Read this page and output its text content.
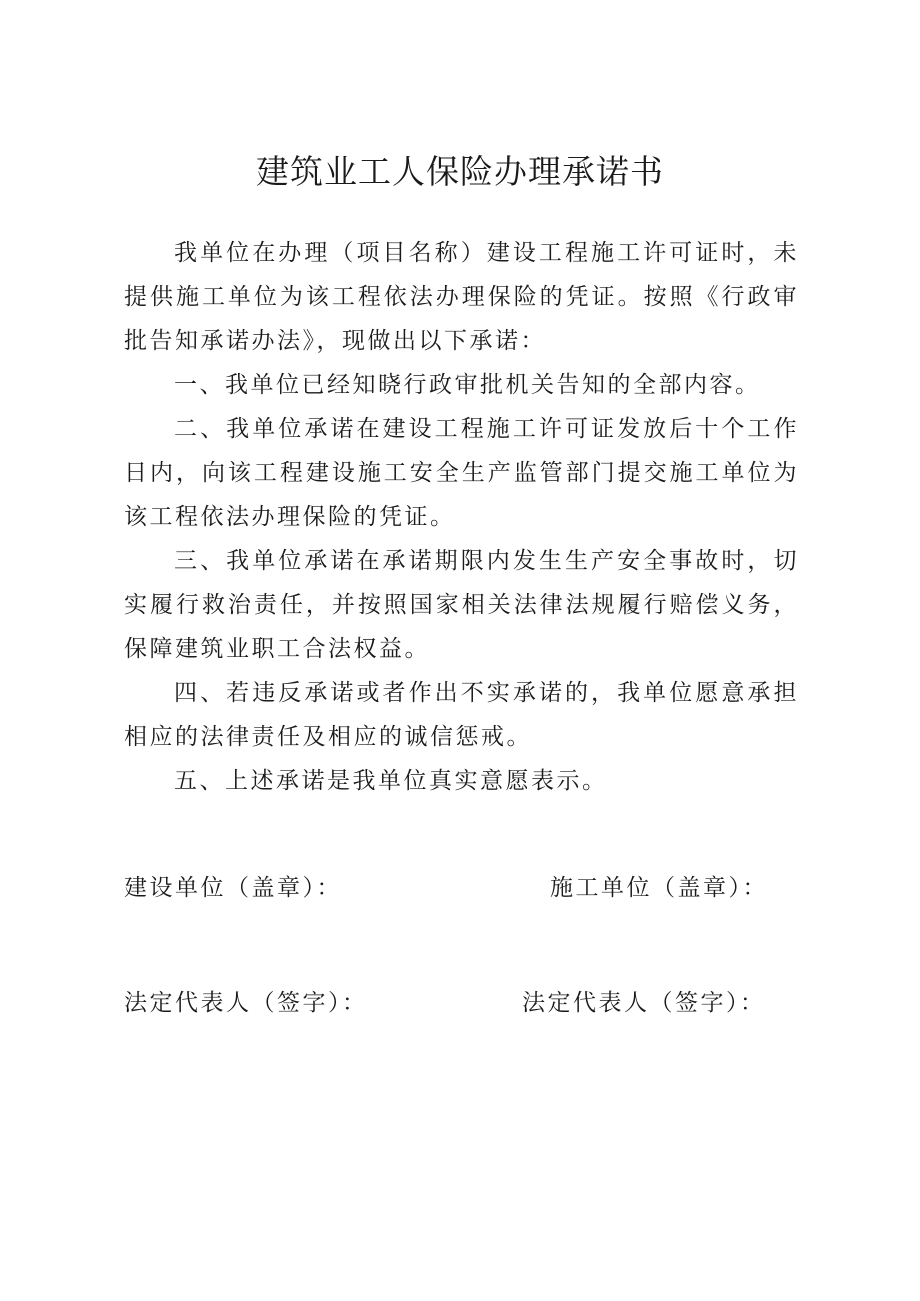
建筑业工人保险办理承诺书

我单位在办理（项目名称）建设工程施工许可证时，未提供施工单位为该工程依法办理保险的凭证。按照《行政审批告知承诺办法》，现做出以下承诺：

一、我单位已经知晓行政审批机关告知的全部内容。

二、我单位承诺在建设工程施工许可证发放后十个工作日内，向该工程建设施工安全生产监管部门提交施工单位为该工程依法办理保险的凭证。

三、我单位承诺在承诺期限内发生生产安全事故时，切实履行救治责任，并按照国家相关法律法规履行赔偿义务，保障建筑业职工合法权益。

四、若违反承诺或者作出不实承诺的，我单位愿意承担相应的法律责任及相应的诚信惩戒。

五、上述承诺是我单位真实意愿表示。

建设单位（盖章）：	施工单位（盖章）：
法定代表人（签字）：	法定代表人（签字）：
